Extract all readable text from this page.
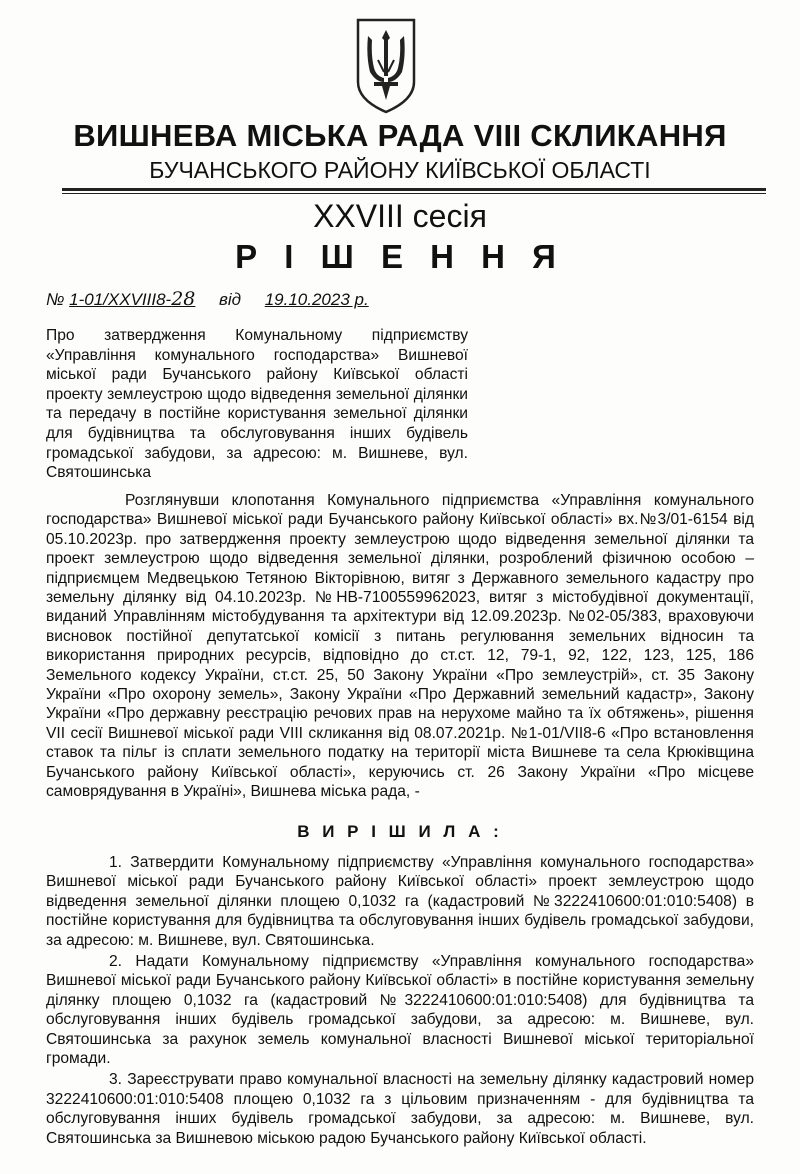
ВИШНЕВА МІСЬКА РАДА VIII СКЛИКАННЯ
БУЧАНСЬКОГО РАЙОНУ КИЇВСЬКОЇ ОБЛАСТІ
XXVIII сесія
Р І Ш Е Н Н Я
№ 1-01/XXVIII8-28 від 19.10.2023 р.
Про затвердження Комунальному підприємству «Управління комунального господарства» Вишневої міської ради Бучанського району Київської області проекту землеустрою щодо відведення земельної ділянки та передачу в постійне користування земельної ділянки для будівництва та обслуговування інших будівель громадської забудови, за адресою: м. Вишневе, вул. Святошинська
Розглянувши клопотання Комунального підприємства «Управління комунального господарства» Вишневої міської ради Бучанського району Київської області» вх.№3/01-6154 від 05.10.2023р. про затвердження проекту землеустрою щодо відведення земельної ділянки та проект землеустрою щодо відведення земельної ділянки, розроблений фізичною особою – підприємцем Медвецькою Тетяною Вікторівною, витяг з Державного земельного кадастру про земельну ділянку від 04.10.2023р. №НВ-7100559962023, витяг з містобудівної документації, виданий Управлінням містобудування та архітектури від 12.09.2023р. №02-05/383, враховуючи висновок постійної депутатської комісії з питань регулювання земельних відносин та використання природних ресурсів, відповідно до ст.ст. 12, 79-1, 92, 122, 123, 125, 186 Земельного кодексу України, ст.ст. 25, 50 Закону України «Про землеустрій», ст. 35 Закону України «Про охорону земель», Закону України «Про Державний земельний кадастр», Закону України «Про державну реєстрацію речових прав на нерухоме майно та їх обтяжень», рішення VII сесії Вишневої міської ради VIII скликання від 08.07.2021р. №1-01/VII8-6 «Про встановлення ставок та пільг із сплати земельного податку на території міста Вишневе та села Крюківщина Бучанського району Київської області», керуючись ст. 26 Закону України «Про місцеве самоврядування в Україні», Вишнева міська рада, -
В И Р І Ш И Л А :

1. Затвердити Комунальному підприємству «Управління комунального господарства» Вишневої міської ради Бучанського району Київської області» проект землеустрою щодо відведення земельної ділянки площею 0,1032 га (кадастровий №3222410600:01:010:5408) в постійне користування для будівництва та обслуговування інших будівель громадської забудови, за адресою: м. Вишневе, вул. Святошинська.

2. Надати Комунальному підприємству «Управління комунального господарства» Вишневої міської ради Бучанського району Київської області» в постійне користування земельну ділянку площею 0,1032 га (кадастровий №3222410600:01:010:5408) для будівництва та обслуговування інших будівель громадської забудови, за адресою: м. Вишневе, вул. Святошинська за рахунок земель комунальної власності Вишневої міської територіальної громади.

3. Зареєструвати право комунальної власності на земельну ділянку кадастровий номер 3222410600:01:010:5408 площею 0,1032 га з цільовим призначенням - для будівництва та обслуговування інших будівель громадської забудови, за адресою: м. Вишневе, вул. Святошинська за Вишневою міською радою Бучанського району Київської області.
